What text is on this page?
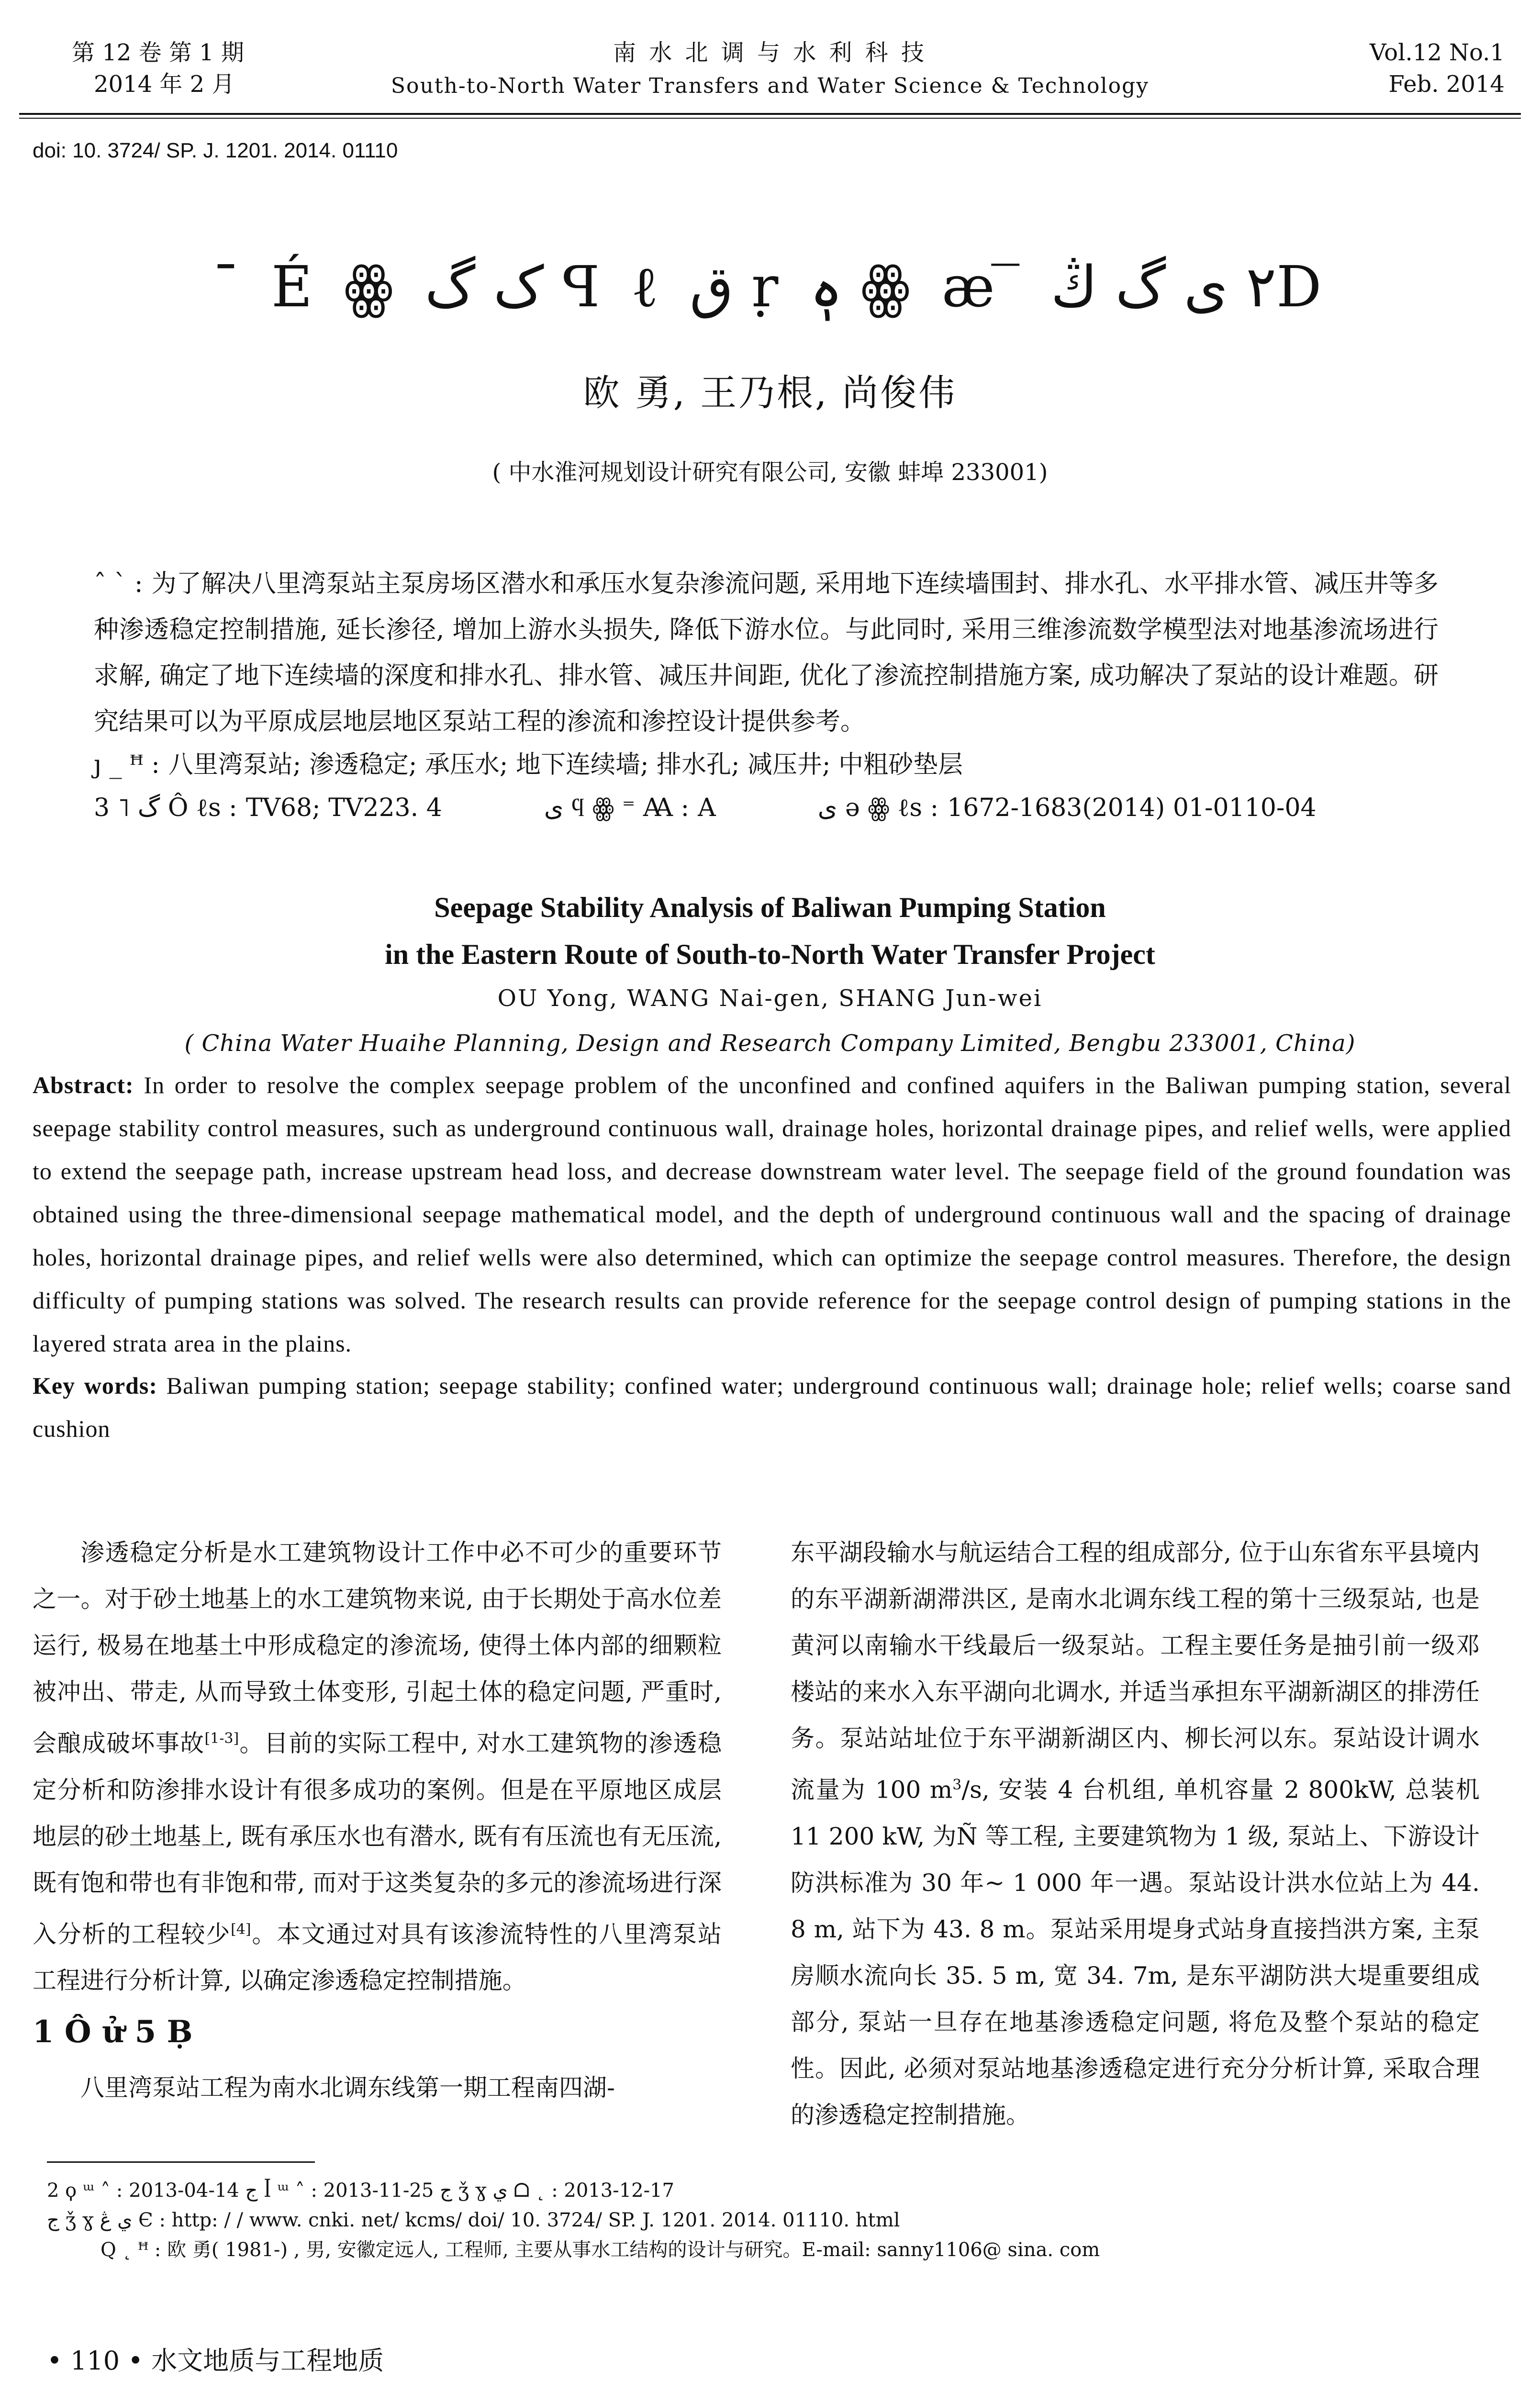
第 12 卷 第 1 期
2014 年 2 月
南 水 北 调 与 水 利 科 技
South-to-North Water Transfers and Water Science & Technology
Vol.12 No.1
Feb. 2014
doi: 10. 3724/ SP. J. 1201. 2014. 01110
¯ É ꙮ ک گ ꟼ ℓ ق ṛ ہٖ ꙮ æ ̅ ٢ ی گ ڭD
欧 勇, 王乃根, 尚俊伟
( 中水淮河规划设计研究有限公司, 安徽 蚌埠 233001)
ˆ ˋ : 为了解决八里湾泵站主泵房场区潜水和承压水复杂渗流问题, 采用地下连续墙围封、排水孔、水平排水管、减压井等多种渗透稳定控制措施, 延长渗径, 增加上游水头损失, 降低下游水位。与此同时, 采用三维渗流数学模型法对地基渗流场进行求解, 确定了地下连续墙的深度和排水孔、排水管、减压井间距, 优化了渗流控制措施方案, 成功解决了泵站的设计难题。研究结果可以为平原成层地层地区泵站工程的渗流和渗控设计提供参考。
ȷ _ ꟸ : 八里湾泵站; 渗透稳定; 承压水; 地下连续墙; 排水孔; 减压井; 中粗砂垫层
3 ˥ گ Ô ℓs : TV68; TV223. 4	ى ϥ ꙮ ⁼ Ꜳ : A	ى ǝ ꙮ ℓs : 1672-1683(2014) 01-0110-04
Seepage Stability Analysis of Baliwan Pumping Station
in the Eastern Route of South-to-North Water Transfer Project
OU Yong, WANG Nai-gen, SHANG Jun-wei
( China Water Huaihe Planning, Design and Research Company Limited, Bengbu 233001, China)
Abstract: In order to resolve the complex seepage problem of the unconfined and confined aquifers in the Baliwan pumping station, several seepage stability control measures, such as underground continuous wall, drainage holes, horizontal drainage pipes, and relief wells, were applied to extend the seepage path, increase upstream head loss, and decrease downstream water level. The seepage field of the ground foundation was obtained using the three-dimensional seepage mathematical model, and the depth of underground continuous wall and the spacing of drainage holes, horizontal drainage pipes, and relief wells were also determined, which can optimize the seepage control measures. Therefore, the design difficulty of pumping stations was solved. The research results can provide reference for the seepage control design of pumping stations in the layered strata area in the plains.
Key words: Baliwan pumping station; seepage stability; confined water; underground continuous wall; drainage hole; relief wells; coarse sand cushion

渗透稳定分析是水工建筑物设计工作中必不可少的重要环节之一。对于砂土地基上的水工建筑物来说, 由于长期处于高水位差运行, 极易在地基土中形成稳定的渗流场, 使得土体内部的细颗粒被冲出、带走, 从而导致土体变形, 引起土体的稳定问题, 严重时, 会酿成破坏事故[1-3]。目前的实际工程中, 对水工建筑物的渗透稳定分析和防渗排水设计有很多成功的案例。但是在平原地区成层地层的砂土地基上, 既有承压水也有潜水, 既有有压流也有无压流, 既有饱和带也有非饱和带, 而对于这类复杂的多元的渗流场进行深入分析的工程较少[4]。本文通过对具有该渗流特性的八里湾泵站工程进行分析计算, 以确定渗透稳定控制措施。

1 Ô ử 5 Ḅ

八里湾泵站工程为南水北调东线第一期工程南四湖-

东平湖段输水与航运结合工程的组成部分, 位于山东省东平县境内的东平湖新湖滞洪区, 是南水北调东线工程的第十三级泵站, 也是黄河以南输水干线最后一级泵站。工程主要任务是抽引前一级邓楼站的来水入东平湖向北调水, 并适当承担东平湖新湖区的排涝任务。泵站站址位于东平湖新湖区内、柳长河以东。泵站设计调水流量为 100 $m^3/s$, 安装 4 台机组, 单机容量 2 800kW, 总装机 11 200 kW, 为Ñ 等工程, 主要建筑物为 1 级, 泵站上、下游设计防洪标准为 30 年~ 1 000 年一遇。泵站设计洪水位站上为 44. 8 m, 站下为 43. 8 m。泵站采用堤身式站身直接挡洪方案, 主泵房顺水流向长 35. 5 m, 宽 34. 7m, 是东平湖防洪大堤重要组成部分, 泵站一旦存在地基渗透稳定问题, 将危及整个泵站的稳定性。因此, 必须对泵站地基渗透稳定进行充分分析计算, 采取合理的渗透稳定控制措施。

2 ϙ ᵚ ˄ : 2013-04-14 ج ꟾ ᵚ ˄ : 2013-11-25 ج ǯ ɣ ي ᗝ ˛ : 2013-12-17
ج ǯ ɣ ي ڠ Є : http: / / www. cnki. net/ kcms/ doi/ 10. 3724/ SP. J. 1201. 2014. 01110. html
Q ˛ ꟸ : 欧 勇( 1981-) , 男, 安徽定远人, 工程师, 主要从事水工结构的设计与研究。E-mail: sanny1106@ sina. com
• 110 • 水文地质与工程地质
